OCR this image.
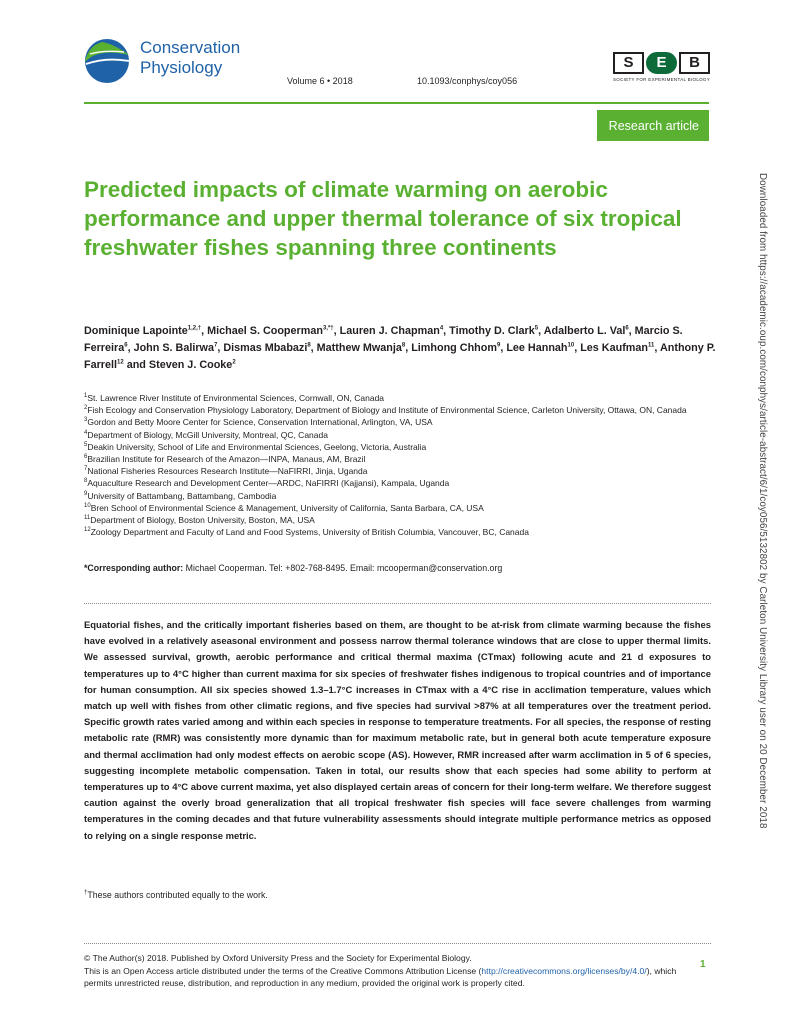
Conservation
Physiology
Volume 6 • 2018	10.1093/conphys/coy056
S	E	B
SOCIETY FOR EXPERIMENTAL BIOLOGY
Research article
Predicted impacts of climate warming on aerobic performance and upper thermal tolerance of six tropical freshwater fishes spanning three continents
Dominique Lapointe$^{1,2,\dagger}$, Michael S. Cooperman$^{3,*\dagger}$, Lauren J. Chapman$^4$, Timothy D. Clark$^5$, Adalberto L. Val$^6$, Marcio S. Ferreira$^6$, John S. Balirwa$^7$, Dismas Mbabazi$^8$, Matthew Mwanja$^8$, Limhong Chhom$^9$, Lee Hannah$^{10}$, Les Kaufman$^{11}$, Anthony P. Farrell$^{12}$ and Steven J. Cooke$^2$
$^1$St. Lawrence River Institute of Environmental Sciences, Cornwall, ON, Canada
$^2$Fish Ecology and Conservation Physiology Laboratory, Department of Biology and Institute of Environmental Science, Carleton University, Ottawa, ON, Canada
$^3$Gordon and Betty Moore Center for Science, Conservation International, Arlington, VA, USA
$^4$Department of Biology, McGill University, Montreal, QC, Canada
$^5$Deakin University, School of Life and Environmental Sciences, Geelong, Victoria, Australia
$^6$Brazilian Institute for Research of the Amazon—INPA, Manaus, AM, Brazil
$^7$National Fisheries Resources Research Institute—NaFIRRI, Jinja, Uganda
$^8$Aquaculture Research and Development Center—ARDC, NaFIRRI (Kajjansi), Kampala, Uganda
$^9$University of Battambang, Battambang, Cambodia
$^{10}$Bren School of Environmental Science & Management, University of California, Santa Barbara, CA, USA
$^{11}$Department of Biology, Boston University, Boston, MA, USA
$^{12}$Zoology Department and Faculty of Land and Food Systems, University of British Columbia, Vancouver, BC, Canada
*Corresponding author: Michael Cooperman. Tel: +802-768-8495. Email: mcooperman@conservation.org

Equatorial fishes, and the critically important fisheries based on them, are thought to be at-risk from climate warming because the fishes have evolved in a relatively aseasonal environment and possess narrow thermal tolerance windows that are close to upper thermal limits. We assessed survival, growth, aerobic performance and critical thermal maxima (CTmax) following acute and 21 d exposures to temperatures up to 4°C higher than current maxima for six species of freshwater fishes indigenous to tropical countries and of importance for human consumption. All six species showed 1.3–1.7°C increases in CTmax with a 4°C rise in acclimation temperature, values which match up well with fishes from other climatic regions, and five species had survival >87% at all temperatures over the treatment period. Specific growth rates varied among and within each species in response to temperature treatments. For all species, the response of resting metabolic rate (RMR) was consistently more dynamic than for maximum metabolic rate, but in general both acute temperature exposure and thermal acclimation had only modest effects on aerobic scope (AS). However, RMR increased after warm acclimation in 5 of 6 species, suggesting incomplete metabolic compensation. Taken in total, our results show that each species had some ability to perform at temperatures up to 4°C above current maxima, yet also displayed certain areas of concern for their long-term welfare. We therefore suggest caution against the overly broad generalization that all tropical freshwater fish species will face severe challenges from warming temperatures in the coming decades and that future vulnerability assessments should integrate multiple performance metrics as opposed to relying on a single response metric.

†These authors contributed equally to the work.
© The Author(s) 2018. Published by Oxford University Press and the Society for Experimental Biology.
This is an Open Access article distributed under the terms of the Creative Commons Attribution License (http://creativecommons.org/licenses/by/4.0/), which permits unrestricted reuse, distribution, and reproduction in any medium, provided the original work is properly cited.
1
Downloaded from https://academic.oup.com/conphys/article-abstract/6/1/coy056/5132802 by Carleton University Library user on 20 December 2018
